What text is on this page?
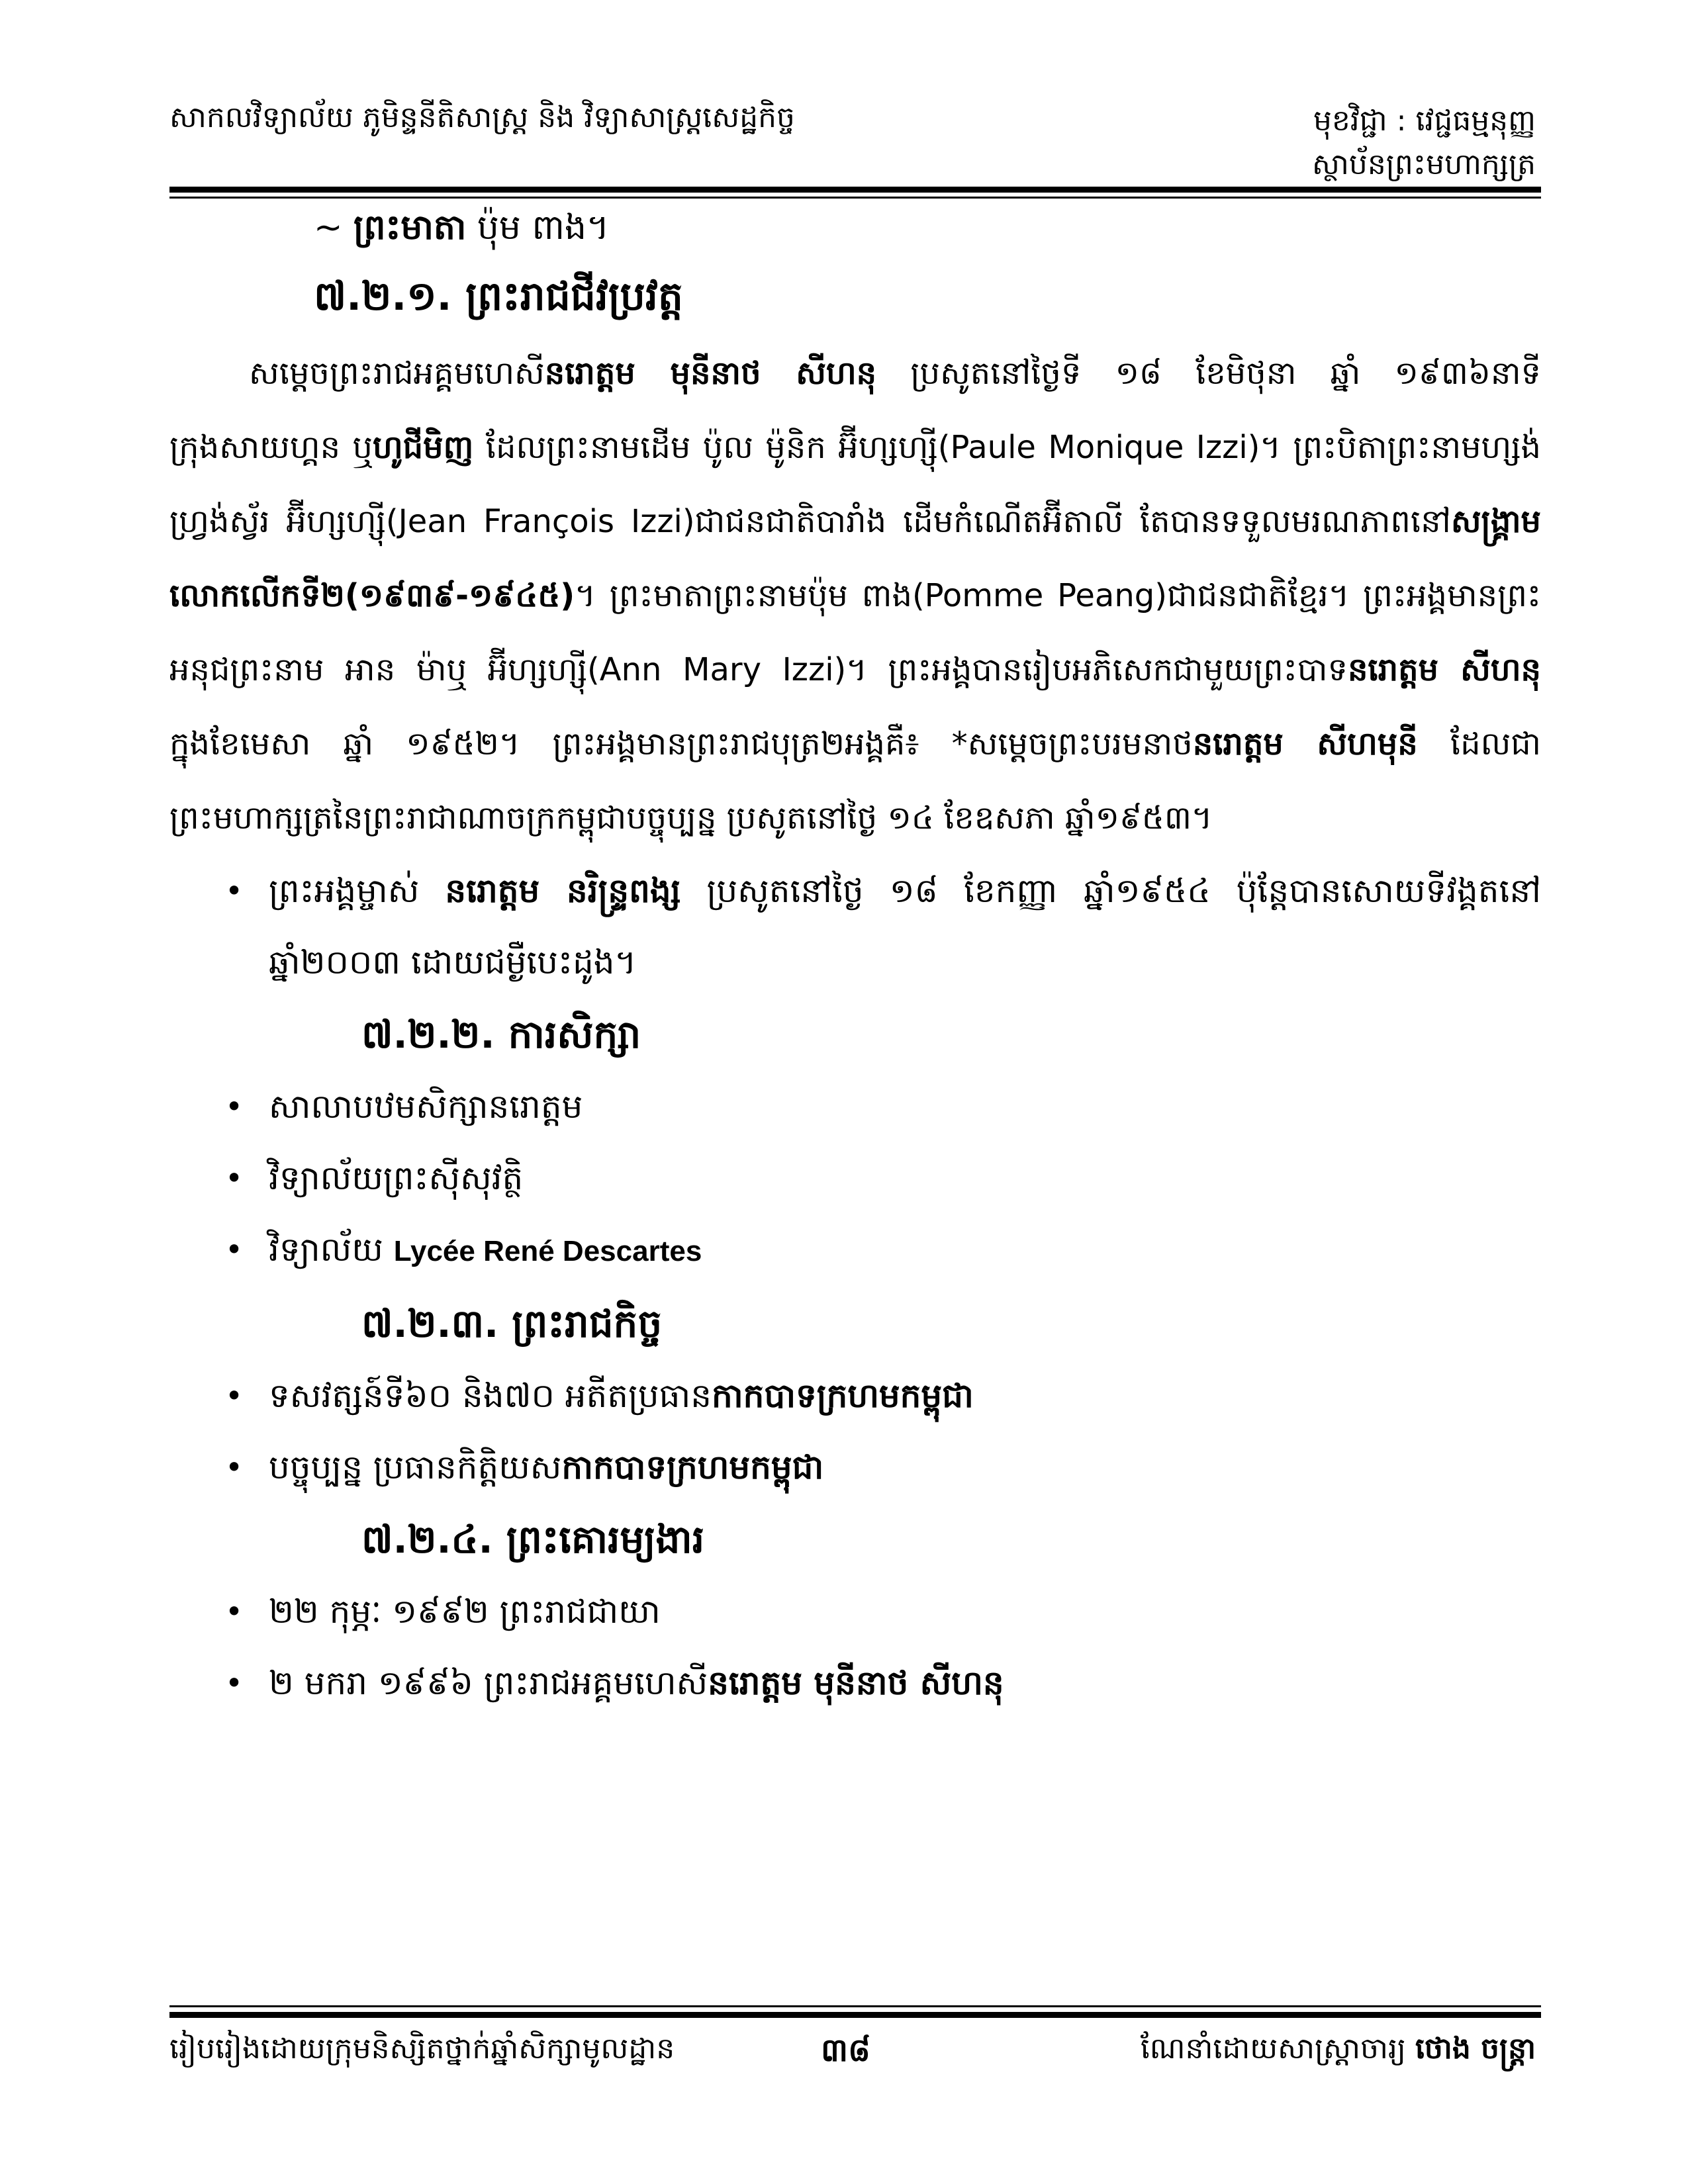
សាកលវិទ្យាល័យ ភូមិន្ទនីតិសាស្ត្រ និង វិទ្យាសាស្ត្រសេដ្ឋកិច្ច	មុខវិជ្ជា : វេជ្ជធម្មនុញ្ញ
ស្ថាប័នព្រះមហាក្សត្រ
~ ព្រះមាតា ប៉ុម ពាង។
៧.២.១. ព្រះរាជជីវប្រវត្ត

សម្តេចព្រះរាជអគ្គមហេសីនរោត្តម មុនីនាថ សីហនុ ប្រសូតនៅថ្ងៃទី ១៨ ខែមិថុនា ឆ្នាំ ១៩៣៦នាទីក្រុងសាយហ្គន ឬហូជីមិញ ដែលព្រះនាមដើម ប៉ូល ម៉ូនិក អ៊ីហ្សហ្ស៊ី(Paule Monique Izzi)។ ព្រះបិតាព្រះនាមហ្សង់ ហ្វ្រង់ស្វ័រ អ៊ីហ្សហ្ស៊ី(Jean François Izzi)ជាជនជាតិបារាំង ដើមកំណើតអ៊ីតាលី តែបានទទួលមរណភាពនៅសង្គ្រាមលោកលើកទី២(១៩៣៩-១៩៤៥)។ ព្រះមាតាព្រះនាមប៉ុម ពាង(Pomme Peang)ជាជនជាតិខ្មែរ។ ព្រះអង្គមានព្រះអនុជព្រះនាម អាន ម៉ាឬ អ៊ីហ្សហ្ស៊ី(Ann Mary Izzi)។ ព្រះអង្គបានរៀបអភិសេកជាមួយព្រះបាទនរោត្តម សីហនុ ក្នុងខែមេសា ឆ្នាំ ១៩៥២។ ព្រះអង្គមានព្រះរាជបុត្រ២អង្គគឺ៖ *សម្តេចព្រះបរមនាថនរោត្តម សីហមុនី ដែលជាព្រះមហាក្សត្រនៃព្រះរាជាណាចក្រកម្ពុជាបច្ចុប្បន្ន ប្រសូតនៅថ្ងៃ ១៤ ខែឧសភា ឆ្នាំ១៩៥៣។

• ព្រះអង្គម្ចាស់ នរោត្តម នរិន្ទ្រពង្ស ប្រសូតនៅថ្ងៃ ១៨ ខែកញ្ញា ឆ្នាំ១៩៥៤ ប៉ុន្តែបានសោយទីវង្គតនៅឆ្នាំ២០០៣ ដោយជម្ងឺបេះដូង។
៧.២.២. ការសិក្សា
• សាលាបឋមសិក្សានរោត្តម
• វិទ្យាល័យព្រះស៊ីសុវត្ថិ
• វិទ្យាល័យ Lycée René Descartes
៧.២.៣. ព្រះរាជកិច្ច
• ទសវត្សន៍ទី៦០ និង៧០ អតីតប្រធានកាកបាទក្រហមកម្ពុជា
• បច្ចុប្បន្ន ប្រធានកិត្តិយសកាកបាទក្រហមកម្ពុជា
៧.២.៤. ព្រះគោរម្យងារ
• ២២ កុម្ភៈ ១៩៩២ ព្រះរាជជាយា
• ២ មករា ១៩៩៦ ព្រះរាជអគ្គមហេសីនរោត្តម មុនីនាថ សីហនុ
រៀបរៀងដោយក្រុមនិស្សិតថ្នាក់ឆ្នាំសិក្សាមូលដ្ឋាន	៣៨	ណែនាំដោយសាស្ត្រាចារ្យ ថោង ចន្ត្រា
